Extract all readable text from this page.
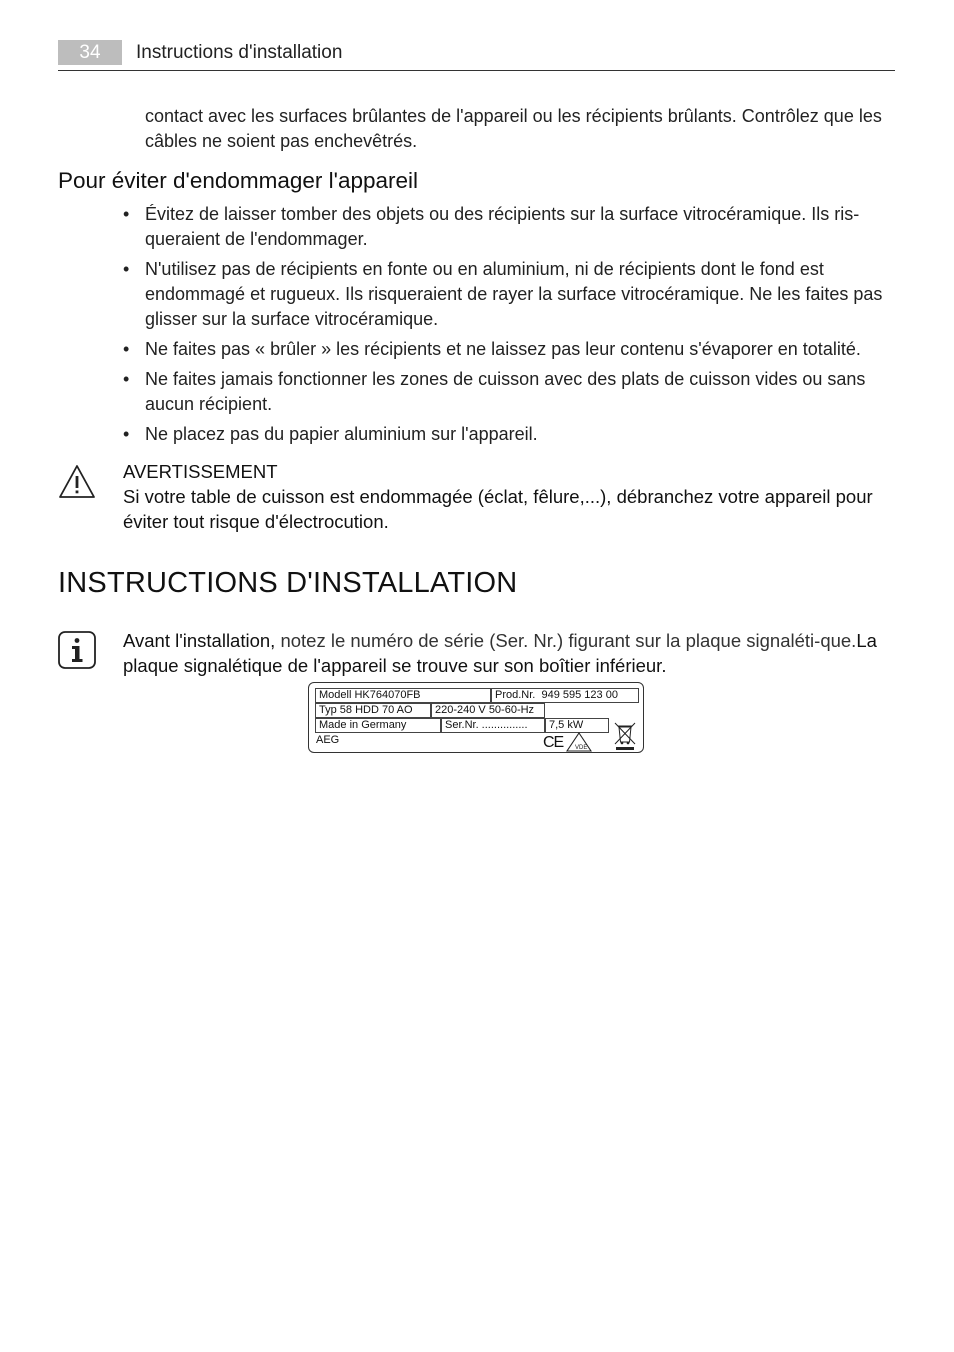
34	Instructions d'installation
contact avec les surfaces brûlantes de l'appareil ou les récipients brûlants. Contrôlez que les câbles ne soient pas enchevêtrés.
Pour éviter d'endommager l'appareil
• Évitez de laisser tomber des objets ou des récipients sur la surface vitrocéramique. Ils ris-queraient de l'endommager.
• N'utilisez pas de récipients en fonte ou en aluminium, ni de récipients dont le fond est endommagé et rugueux. Ils risqueraient de rayer la surface vitrocéramique. Ne les faites pas glisser sur la surface vitrocéramique.
• Ne faites pas « brûler » les récipients et ne laissez pas leur contenu s'évaporer en totalité.
• Ne faites jamais fonctionner les zones de cuisson avec des plats de cuisson vides ou sans aucun récipient.
• Ne placez pas du papier aluminium sur l'appareil.
AVERTISSEMENT
Si votre table de cuisson est endommagée (éclat, fêlure,...), débranchez votre appareil pour éviter tout risque d'électrocution.
INSTRUCTIONS D'INSTALLATION
Avant l'installation, notez le numéro de série (Ser. Nr.) figurant sur la plaque signaléti-que.La plaque signalétique de l'appareil se trouve sur son boîtier inférieur.
Modell HK764070FB	Prod.Nr. 949 595 123 00
Typ 58 HDD 70 AO	220-240 V 50-60-Hz
Made in Germany	Ser.Nr. ...............	7,5 kW
AEG	CE VDE
